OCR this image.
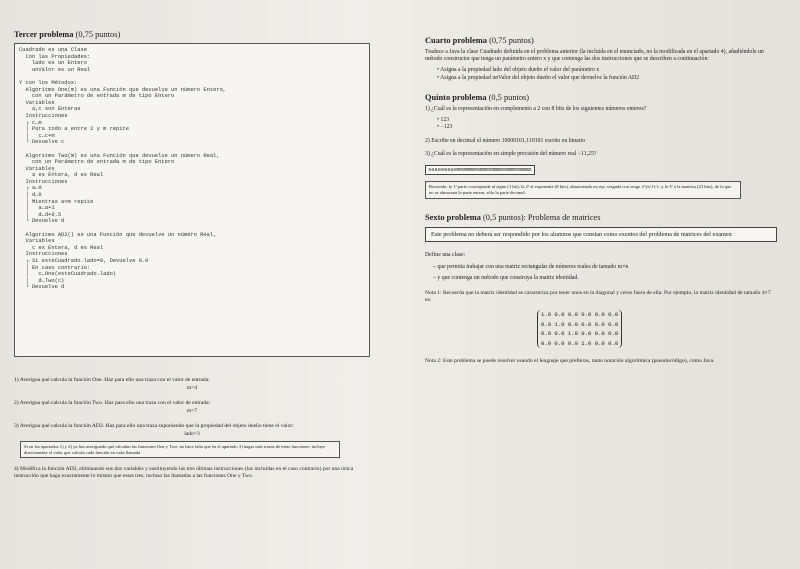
Tercer problema (0,75 puntos)
Cuadrado es una Clase
Con las Propiedades:
lado es un Entero
unValor es un Real

Y con los Métodos:
Algoritmo One(m) es una Función que devuelve un número Entero,
con un Parámetro de entrada m de tipo Entero
Variables
a,c son Enteras
Instrucciones
┌ c←m
│ Para todo a entre 2 y m repite
│   c←c+m
└ Devuelve c

Algoritmo Two(m) es una Función que devuelve un número Real,
con un Parámetro de entrada m de tipo Entero
Variables
a es Entera, d es Real
Instrucciones
┌ a←0
│ d←0
│ Mientras a<m repite
│   a←a+1
│   d←d+0.5
└ Devuelve d

Algoritmo AD2() es una Función que devuelve un número Real,
Variables
c es Entera, d es Real
Instrucciones
┌ Si esteCuadrado.lado=0, Devuelve 0.0
│ En caso contrario:
│   c←One(esteCuadrado.lado)
│   d←Two(c)
└ Devuelve d
1) Averigua qué calcula la función One. Haz para ello una traza con el valor de entrada:
m=4
2) Averigua qué calcula la función Two. Haz para ello una traza con el valor de entrada:
m=7
3) Averigua qué calcula la función AD2. Haz para ello una traza suponiendo que la propiedad del objeto dueño tiene el valor:
lado=3
Si en los apartados 1) y 2) ya has averiguado qué calculan las funciones One y Two, no hace falta que en el apartado 3) hagas más trazas de estas funciones: incluye directamente el valor que calcula cada función en cada llamada
4) Modifica la función AD2, eliminando sus dos variables y sustituyendo las tres últimas instrucciones (las incluidas en el caso contrario) por una única instrucción que haga exactamente lo mismo que estas tres, incluso las llamadas a las funciones One y Two.
Cuarto problema (0,75 puntos)

Traduce a Java la clase Cuadrado definida en el problema anterior (la incluida en el enunciado, no la modificada en el apartado 4), añadiéndole un método constructor que tenga un parámetro entero x y que contenga las dos instrucciones que se describen a continuación:

• Asigna a la propiedad lado del objeto dueño el valor del parámetro x
• Asigna a la propiedad unValor del objeto dueño el valor que devuelve la función AD2
Quinto problema (0,5 puntos)

1) ¿Cuál es la representación en complemento a 2 con 8 bits de los siguientes números enteros?

• 123
• −123

2) Escribe en decimal el número 10000101,110101 escrito en binario

3) ¿Cuál es la representación en simple precisión del número real −11,25?

seeeeeeeemmmmmmmmmmmmmmmmmmmmmmm
Recuerda: la 1ª parte corresponde al signo (1 bit), la 2ª al exponente (8 bits), almacenado en rep. sesgada con sesgo 2^(n-1)-1, y la 3ª a la mantisa (23 bits), de la que no se almacena la parte entera, sólo la parte decimal.
Sexto problema (0,5 puntos): Problema de matrices
Este problema no deberá ser respondido por los alumnos que constan como exentos del problema de matrices del examen

Define una clase:

– que permita trabajar con una matriz rectangular de números reales de tamaño m×n

– y que contenga un método que construya la matriz identidad.

Nota 1: Recuerda que la matriz identidad se caracteriza por tener unos en la diagonal y ceros fuera de ella. Por ejemplo, la matriz identidad de tamaño 4×7 es:
1.0 0.0 0.0 0.0 0.0 0.0
0.0 1.0 0.0 0.0 0.0 0.0
0.0 0.0 1.0 0.0 0.0 0.0
0.0 0.0 0.0 1.0 0.0 0.0
Nota 2: Este problema se puede resolver usando el lenguaje que prefieras, tanto notación algorítmica (pseudocódigo), como Java.
